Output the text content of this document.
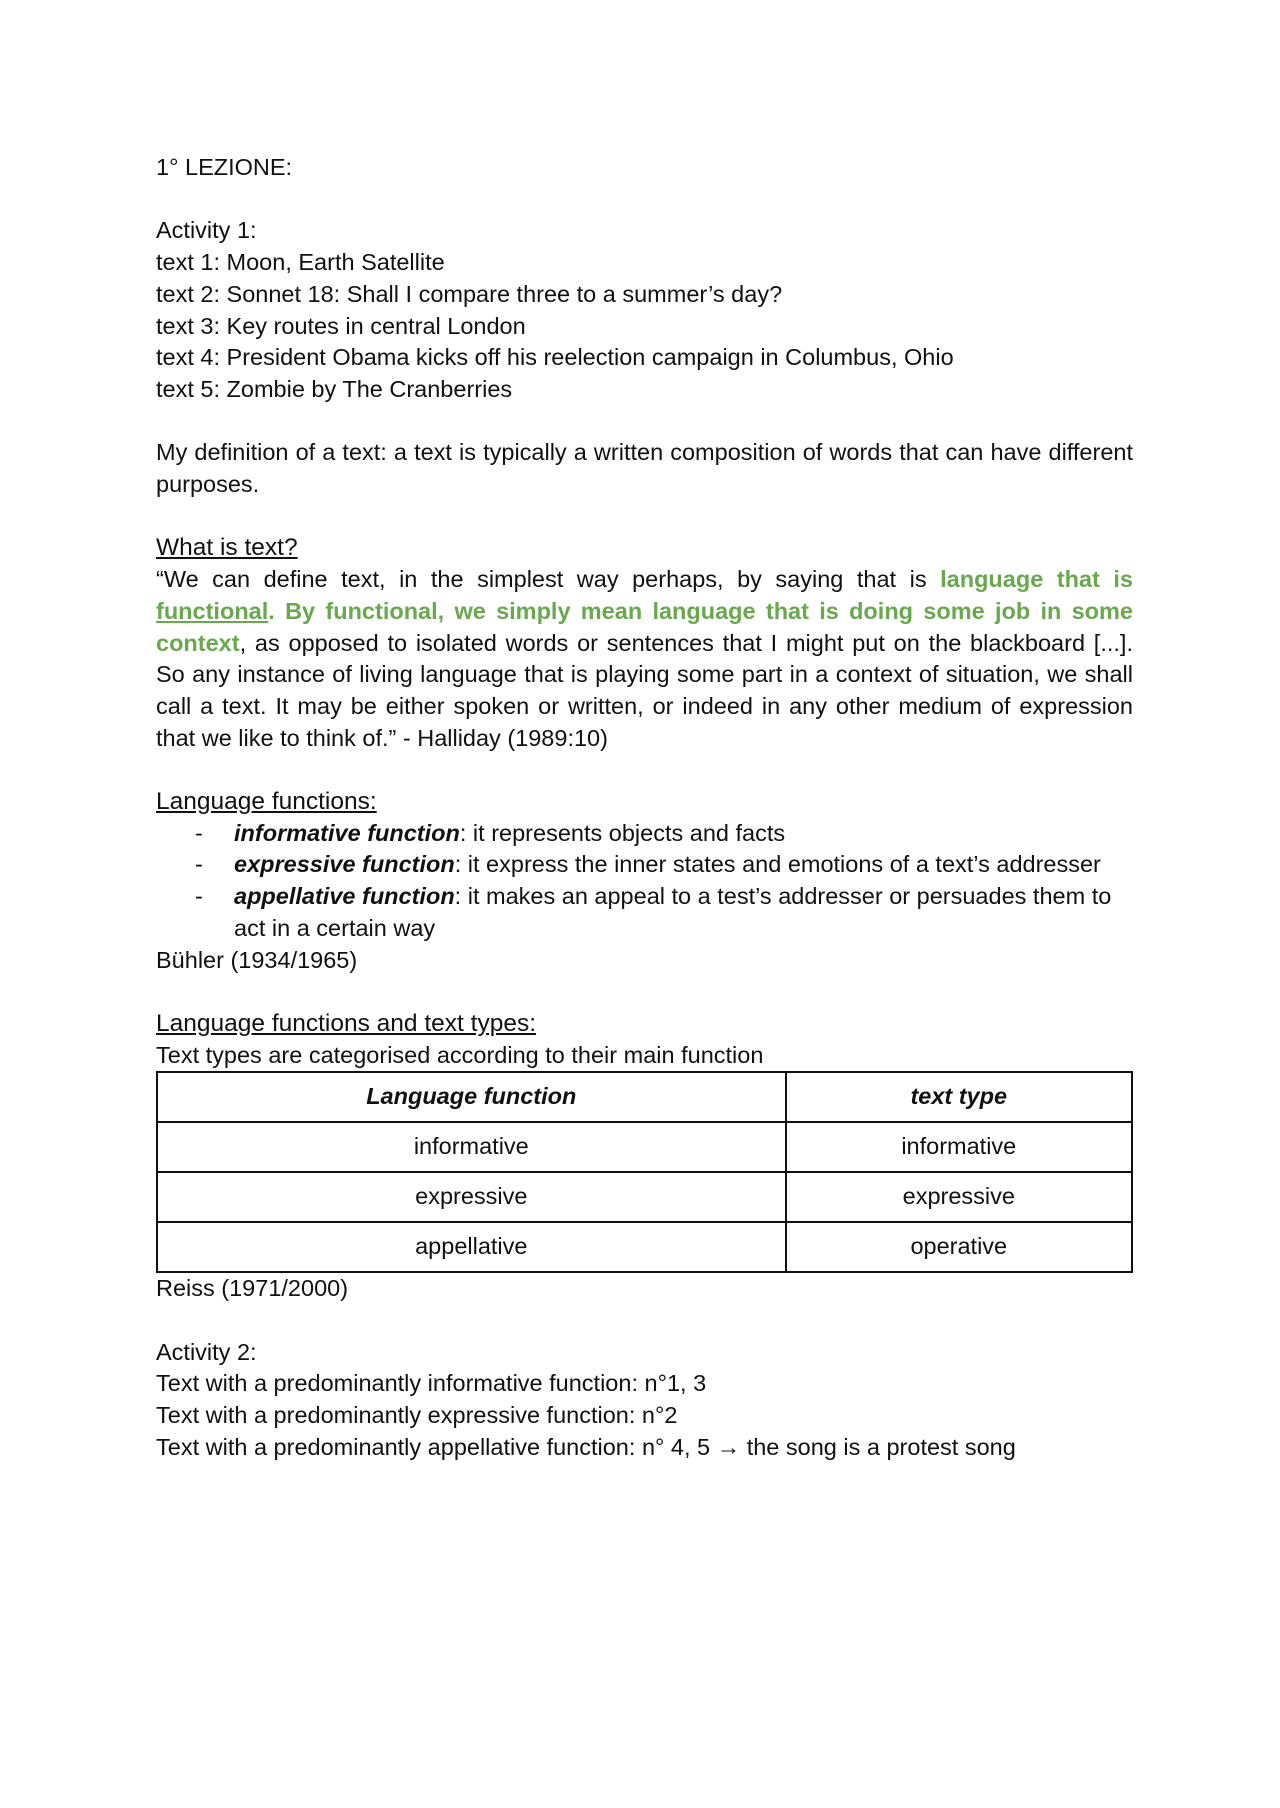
1° LEZIONE:
Activity 1:
text 1: Moon, Earth Satellite
text 2: Sonnet 18: Shall I compare three to a summer’s day?
text 3: Key routes in central London
text 4: President Obama kicks off his reelection campaign in Columbus, Ohio
text 5: Zombie by The Cranberries
My definition of a text: a text is typically a written composition of words that can have different purposes.
What is text?
“We can define text, in the simplest way perhaps, by saying that is language that is functional. By functional, we simply mean language that is doing some job in some context, as opposed to isolated words or sentences that I might put on the blackboard [...]. So any instance of living language that is playing some part in a context of situation, we shall call a text. It may be either spoken or written, or indeed in any other medium of expression that we like to think of.” - Halliday (1989:10)
Language functions:
- informative function: it represents objects and facts
- expressive function: it express the inner states and emotions of a text’s addresser
- appellative function: it makes an appeal to a test’s addresser or persuades them to act in a certain way
Bühler (1934/1965)
Language functions and text types:
Text types are categorised according to their main function
Language function	text type
informative	informative
expressive	expressive
appellative	operative
Reiss (1971/2000)
Activity 2:
Text with a predominantly informative function: n°1, 3
Text with a predominantly expressive function: n°2
Text with a predominantly appellative function: n° 4, 5 → the song is a protest song
